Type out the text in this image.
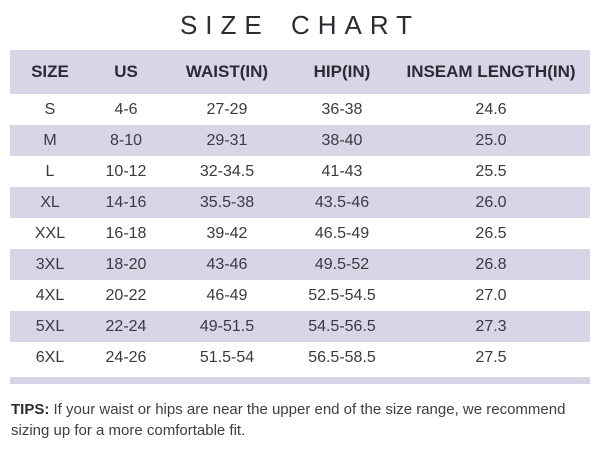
SIZE CHART
SIZE	US	WAIST(IN)	HIP(IN)	INSEAM LENGTH(IN)
S	4-6	27-29	36-38	24.6
M	8-10	29-31	38-40	25.0
L	10-12	32-34.5	41-43	25.5
XL	14-16	35.5-38	43.5-46	26.0
XXL	16-18	39-42	46.5-49	26.5
3XL	18-20	43-46	49.5-52	26.8
4XL	20-22	46-49	52.5-54.5	27.0
5XL	22-24	49-51.5	54.5-56.5	27.3
6XL	24-26	51.5-54	56.5-58.5	27.5

TIPS: If your waist or hips are near the upper end of the size range, we recommend sizing up for a more comfortable fit.
